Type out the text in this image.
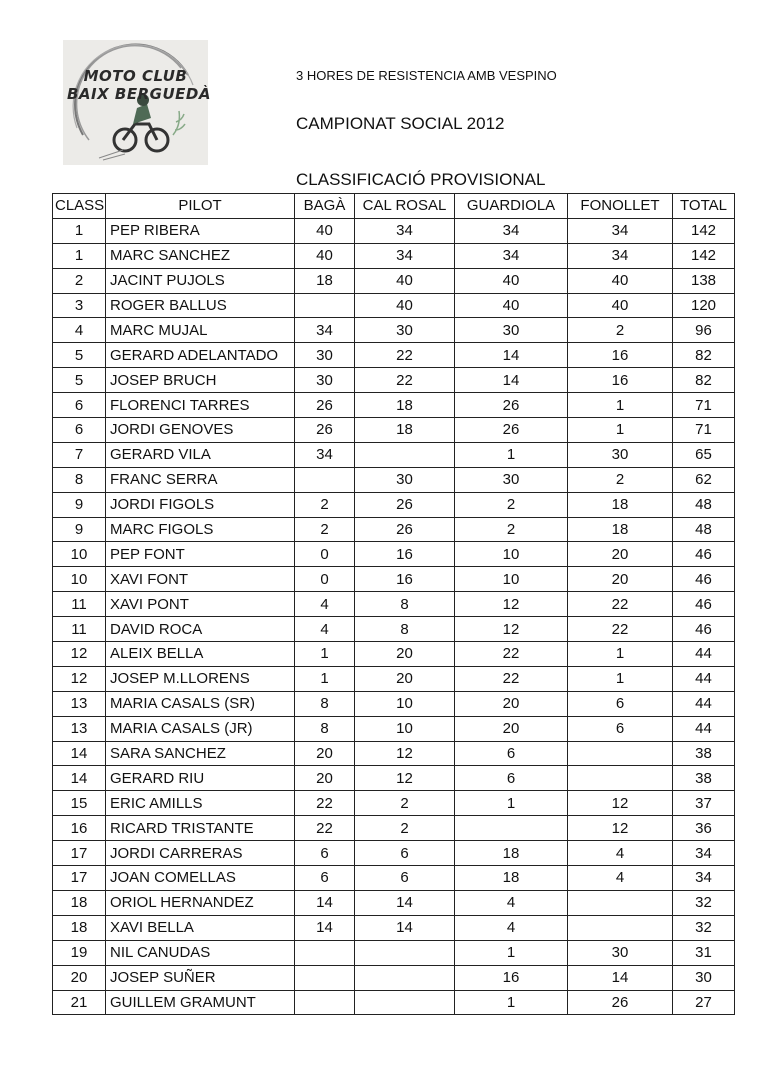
MOTO CLUB
BAIX BERGUEDÀ
3 HORES DE RESISTENCIA AMB VESPINO
CAMPIONAT SOCIAL 2012
CLASSIFICACIÓ PROVISIONAL
CLASS	PILOT	BAGÀ	CAL ROSAL	GUARDIOLA	FONOLLET	TOTAL
1	PEP RIBERA	40	34	34	34	142
1	MARC SANCHEZ	40	34	34	34	142
2	JACINT PUJOLS	18	40	40	40	138
3	ROGER BALLUS		40	40	40	120
4	MARC MUJAL	34	30	30	2	96
5	GERARD ADELANTADO	30	22	14	16	82
5	JOSEP BRUCH	30	22	14	16	82
6	FLORENCI TARRES	26	18	26	1	71
6	JORDI GENOVES	26	18	26	1	71
7	GERARD VILA	34		1	30	65
8	FRANC SERRA		30	30	2	62
9	JORDI FIGOLS	2	26	2	18	48
9	MARC FIGOLS	2	26	2	18	48
10	PEP FONT	0	16	10	20	46
10	XAVI FONT	0	16	10	20	46
11	XAVI PONT	4	8	12	22	46
11	DAVID ROCA	4	8	12	22	46
12	ALEIX BELLA	1	20	22	1	44
12	JOSEP M.LLORENS	1	20	22	1	44
13	MARIA CASALS (SR)	8	10	20	6	44
13	MARIA CASALS (JR)	8	10	20	6	44
14	SARA SANCHEZ	20	12	6		38
14	GERARD RIU	20	12	6		38
15	ERIC AMILLS	22	2	1	12	37
16	RICARD TRISTANTE	22	2		12	36
17	JORDI CARRERAS	6	6	18	4	34
17	JOAN COMELLAS	6	6	18	4	34
18	ORIOL HERNANDEZ	14	14	4		32
18	XAVI BELLA	14	14	4		32
19	NIL CANUDAS			1	30	31
20	JOSEP SUÑER			16	14	30
21	GUILLEM GRAMUNT			1	26	27
